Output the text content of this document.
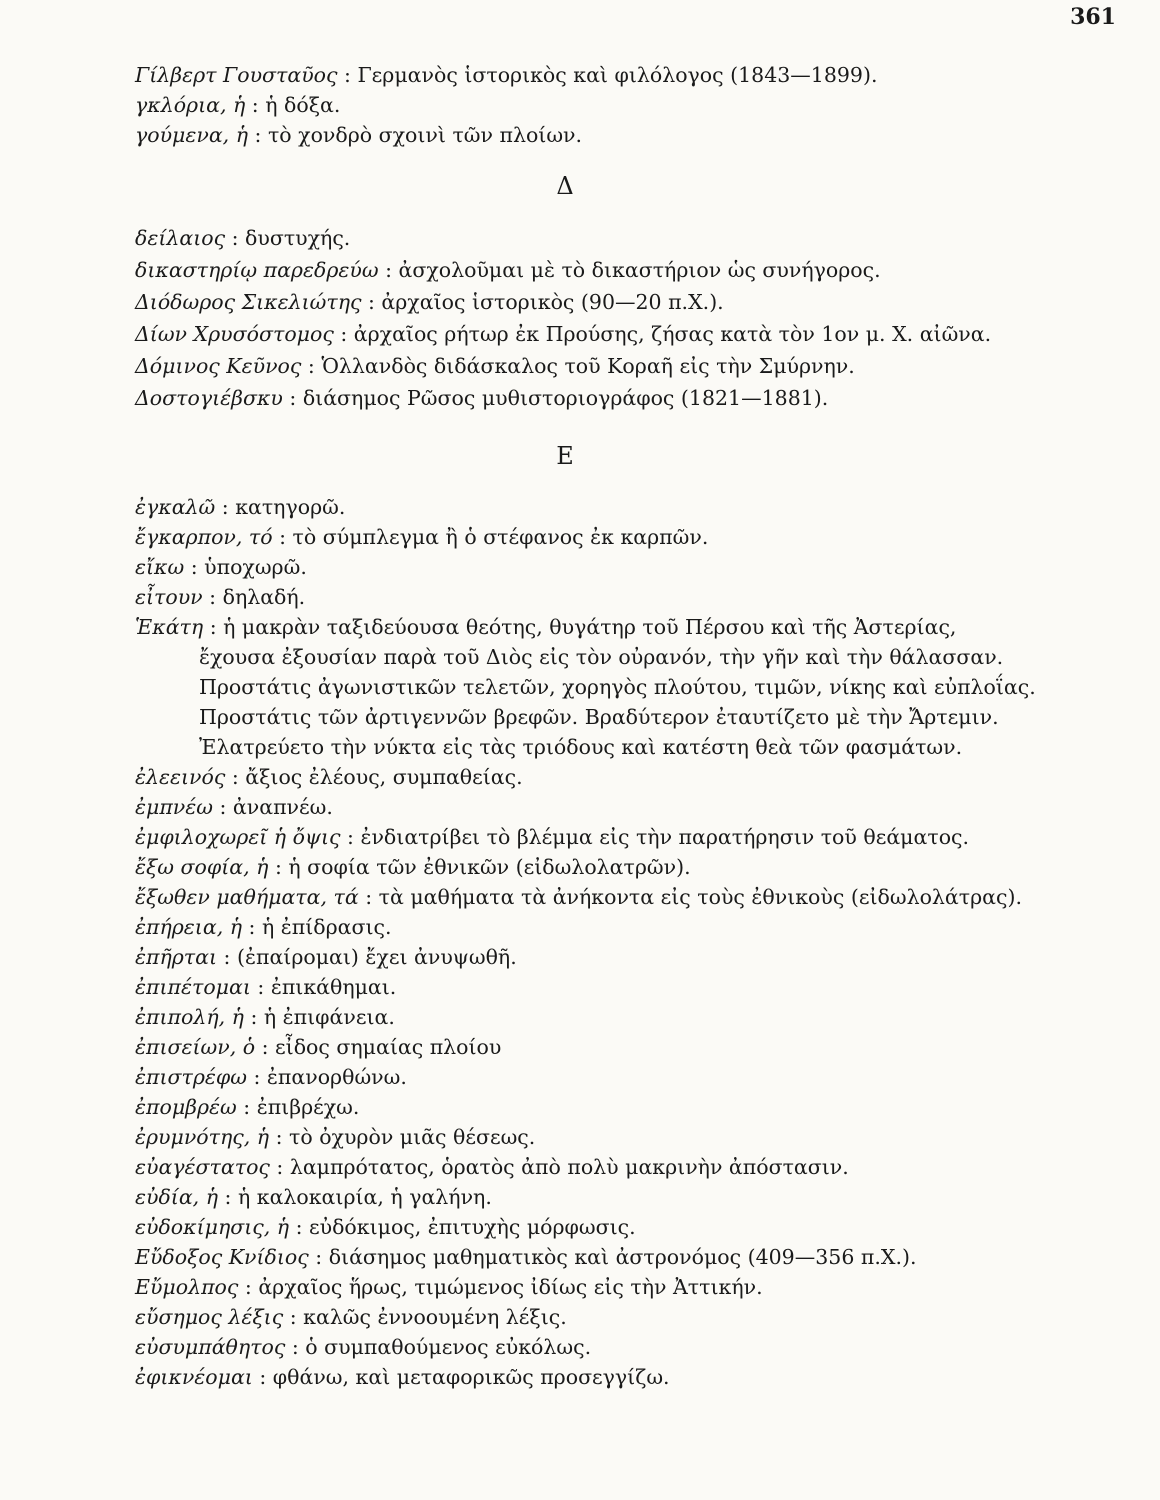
361
Γίλβερτ Γουσταῦος : Γερμανὸς ἱστορικὸς καὶ φιλόλογος (1843—1899).
γκλόρια, ἡ : ἡ δόξα.
γούμενα, ἡ : τὸ χονδρὸ σχοινὶ τῶν πλοίων.
Δ
δείλαιος : δυστυχής.
δικαστηρίῳ παρεδρεύω : ἀσχολοῦμαι μὲ τὸ δικαστήριον ὡς συνήγορος.
Διόδωρος Σικελιώτης : ἀρχαῖος ἱστορικὸς (90—20 π.Χ.).
Δίων Χρυσόστομος : ἀρχαῖος ρήτωρ ἐκ Προύσης, ζήσας κατὰ τὸν 1ον μ. Χ. αἰῶνα.
Δόμινος Κεῦνος : Ὁλλανδὸς διδάσκαλος τοῦ Κοραῆ εἰς τὴν Σμύρνην.
Δοστογιέβσκυ : διάσημος Ρῶσος μυθιστοριογράφος (1821—1881).
Ε
ἐγκαλῶ : κατηγορῶ.
ἔγκαρπον, τό : τὸ σύμπλεγμα ἢ ὁ στέφανος ἐκ καρπῶν.
εἴκω : ὑποχωρῶ.
εἶτουν : δηλαδή.
Ἑκάτη : ἡ μακρὰν ταξιδεύουσα θεότης, θυγάτηρ τοῦ Πέρσου καὶ τῆς Ἀστερίας,
ἔχουσα ἐξουσίαν παρὰ τοῦ Διὸς εἰς τὸν οὐρανόν, τὴν γῆν καὶ τὴν θάλασσαν.
Προστάτις ἀγωνιστικῶν τελετῶν, χορηγὸς πλούτου, τιμῶν, νίκης καὶ εὐπλοΐας.
Προστάτις τῶν ἀρτιγεννῶν βρεφῶν. Βραδύτερον ἐταυτίζετο μὲ τὴν Ἄρτεμιν.
Ἐλατρεύετο τὴν νύκτα εἰς τὰς τριόδους καὶ κατέστη θεὰ τῶν φασμάτων.
ἐλεεινός : ἄξιος ἐλέους, συμπαθείας.
ἐμπνέω : ἀναπνέω.
ἐμφιλοχωρεῖ ἡ ὄψις : ἐνδιατρίβει τὸ βλέμμα εἰς τὴν παρατήρησιν τοῦ θεάματος.
ἔξω σοφία, ἡ : ἡ σοφία τῶν ἐθνικῶν (εἰδωλολατρῶν).
ἔξωθεν μαθήματα, τά : τὰ μαθήματα τὰ ἀνήκοντα εἰς τοὺς ἐθνικοὺς (εἰδωλολάτρας).
ἐπήρεια, ἡ : ἡ ἐπίδρασις.
ἐπῆρται : (ἐπαίρομαι) ἔχει ἀνυψωθῆ.
ἐπιπέτομαι : ἐπικάθημαι.
ἐπιπολή, ἡ : ἡ ἐπιφάνεια.
ἐπισείων, ὁ : εἶδος σημαίας πλοίου
ἐπιστρέφω : ἐπανορθώνω.
ἐπομβρέω : ἐπιβρέχω.
ἐρυμνότης, ἡ : τὸ ὀχυρὸν μιᾶς θέσεως.
εὐαγέστατος : λαμπρότατος, ὁρατὸς ἀπὸ πολὺ μακρινὴν ἀπόστασιν.
εὐδία, ἡ : ἡ καλοκαιρία, ἡ γαλήνη.
εὐδοκίμησις, ἡ : εὐδόκιμος, ἐπιτυχὴς μόρφωσις.
Εὔδοξος Κνίδιος : διάσημος μαθηματικὸς καὶ ἀστρονόμος (409—356 π.Χ.).
Εὔμολπος : ἀρχαῖος ἥρως, τιμώμενος ἰδίως εἰς τὴν Ἀττικήν.
εὔσημος λέξις : καλῶς ἐννοουμένη λέξις.
εὐσυμπάθητος : ὁ συμπαθούμενος εὐκόλως.
ἐφικνέομαι : φθάνω, καὶ μεταφορικῶς προσεγγίζω.
